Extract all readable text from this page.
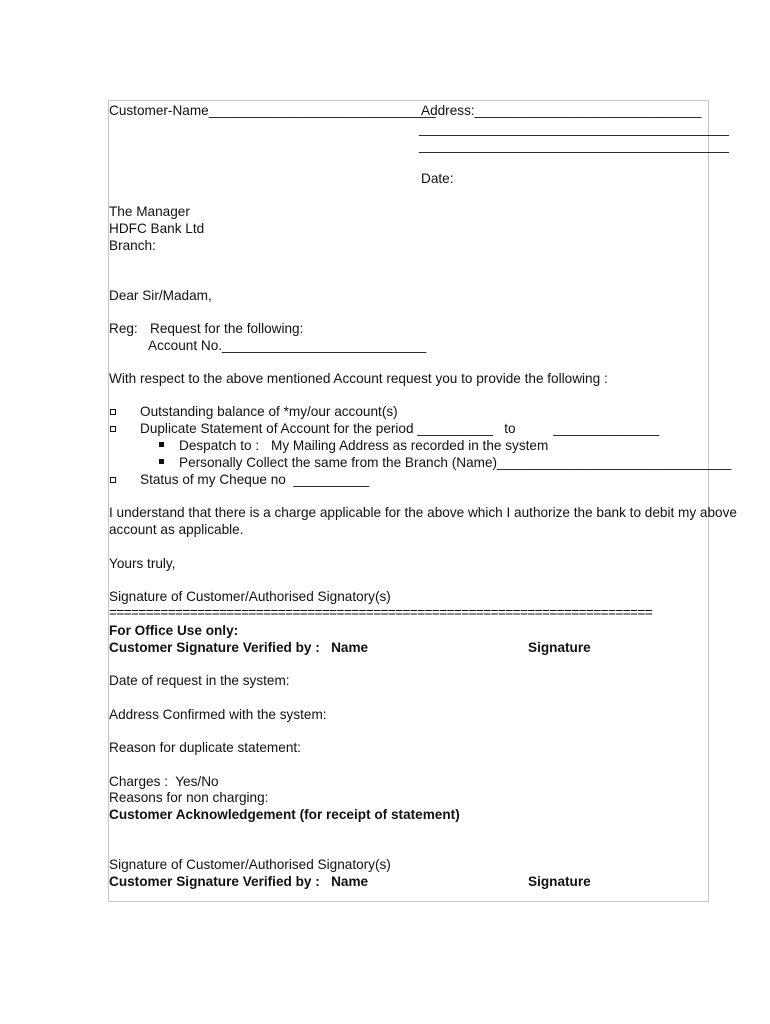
Customer-Name______________________________
Address:______________________________
_________________________________________
_________________________________________
Date:
The Manager
HDFC Bank Ltd
Branch:
Dear Sir/Madam,
Reg: Request for the following:
Account No.___________________________
With respect to the above mentioned Account request you to provide the following :
Outstanding balance of *my/our account(s)
Duplicate Statement of Account for the period __________   to          ______________
Despatch to : My Mailing Address as recorded in the system
Personally Collect the same from the Branch (Name)_______________________________
Status of my Cheque no  __________
I understand that there is a charge applicable for the above which I authorize the bank to debit my above
account as applicable.
Yours truly,
Signature of Customer/Authorised Signatory(s)
==========================================================================
For Office Use only:
Customer Signature Verified by :   Name	Signature
Date of request in the system:
Address Confirmed with the system:
Reason for duplicate statement:
Charges :  Yes/No
Reasons for non charging:
Customer Acknowledgement (for receipt of statement)
Signature of Customer/Authorised Signatory(s)
Customer Signature Verified by :   Name	Signature
